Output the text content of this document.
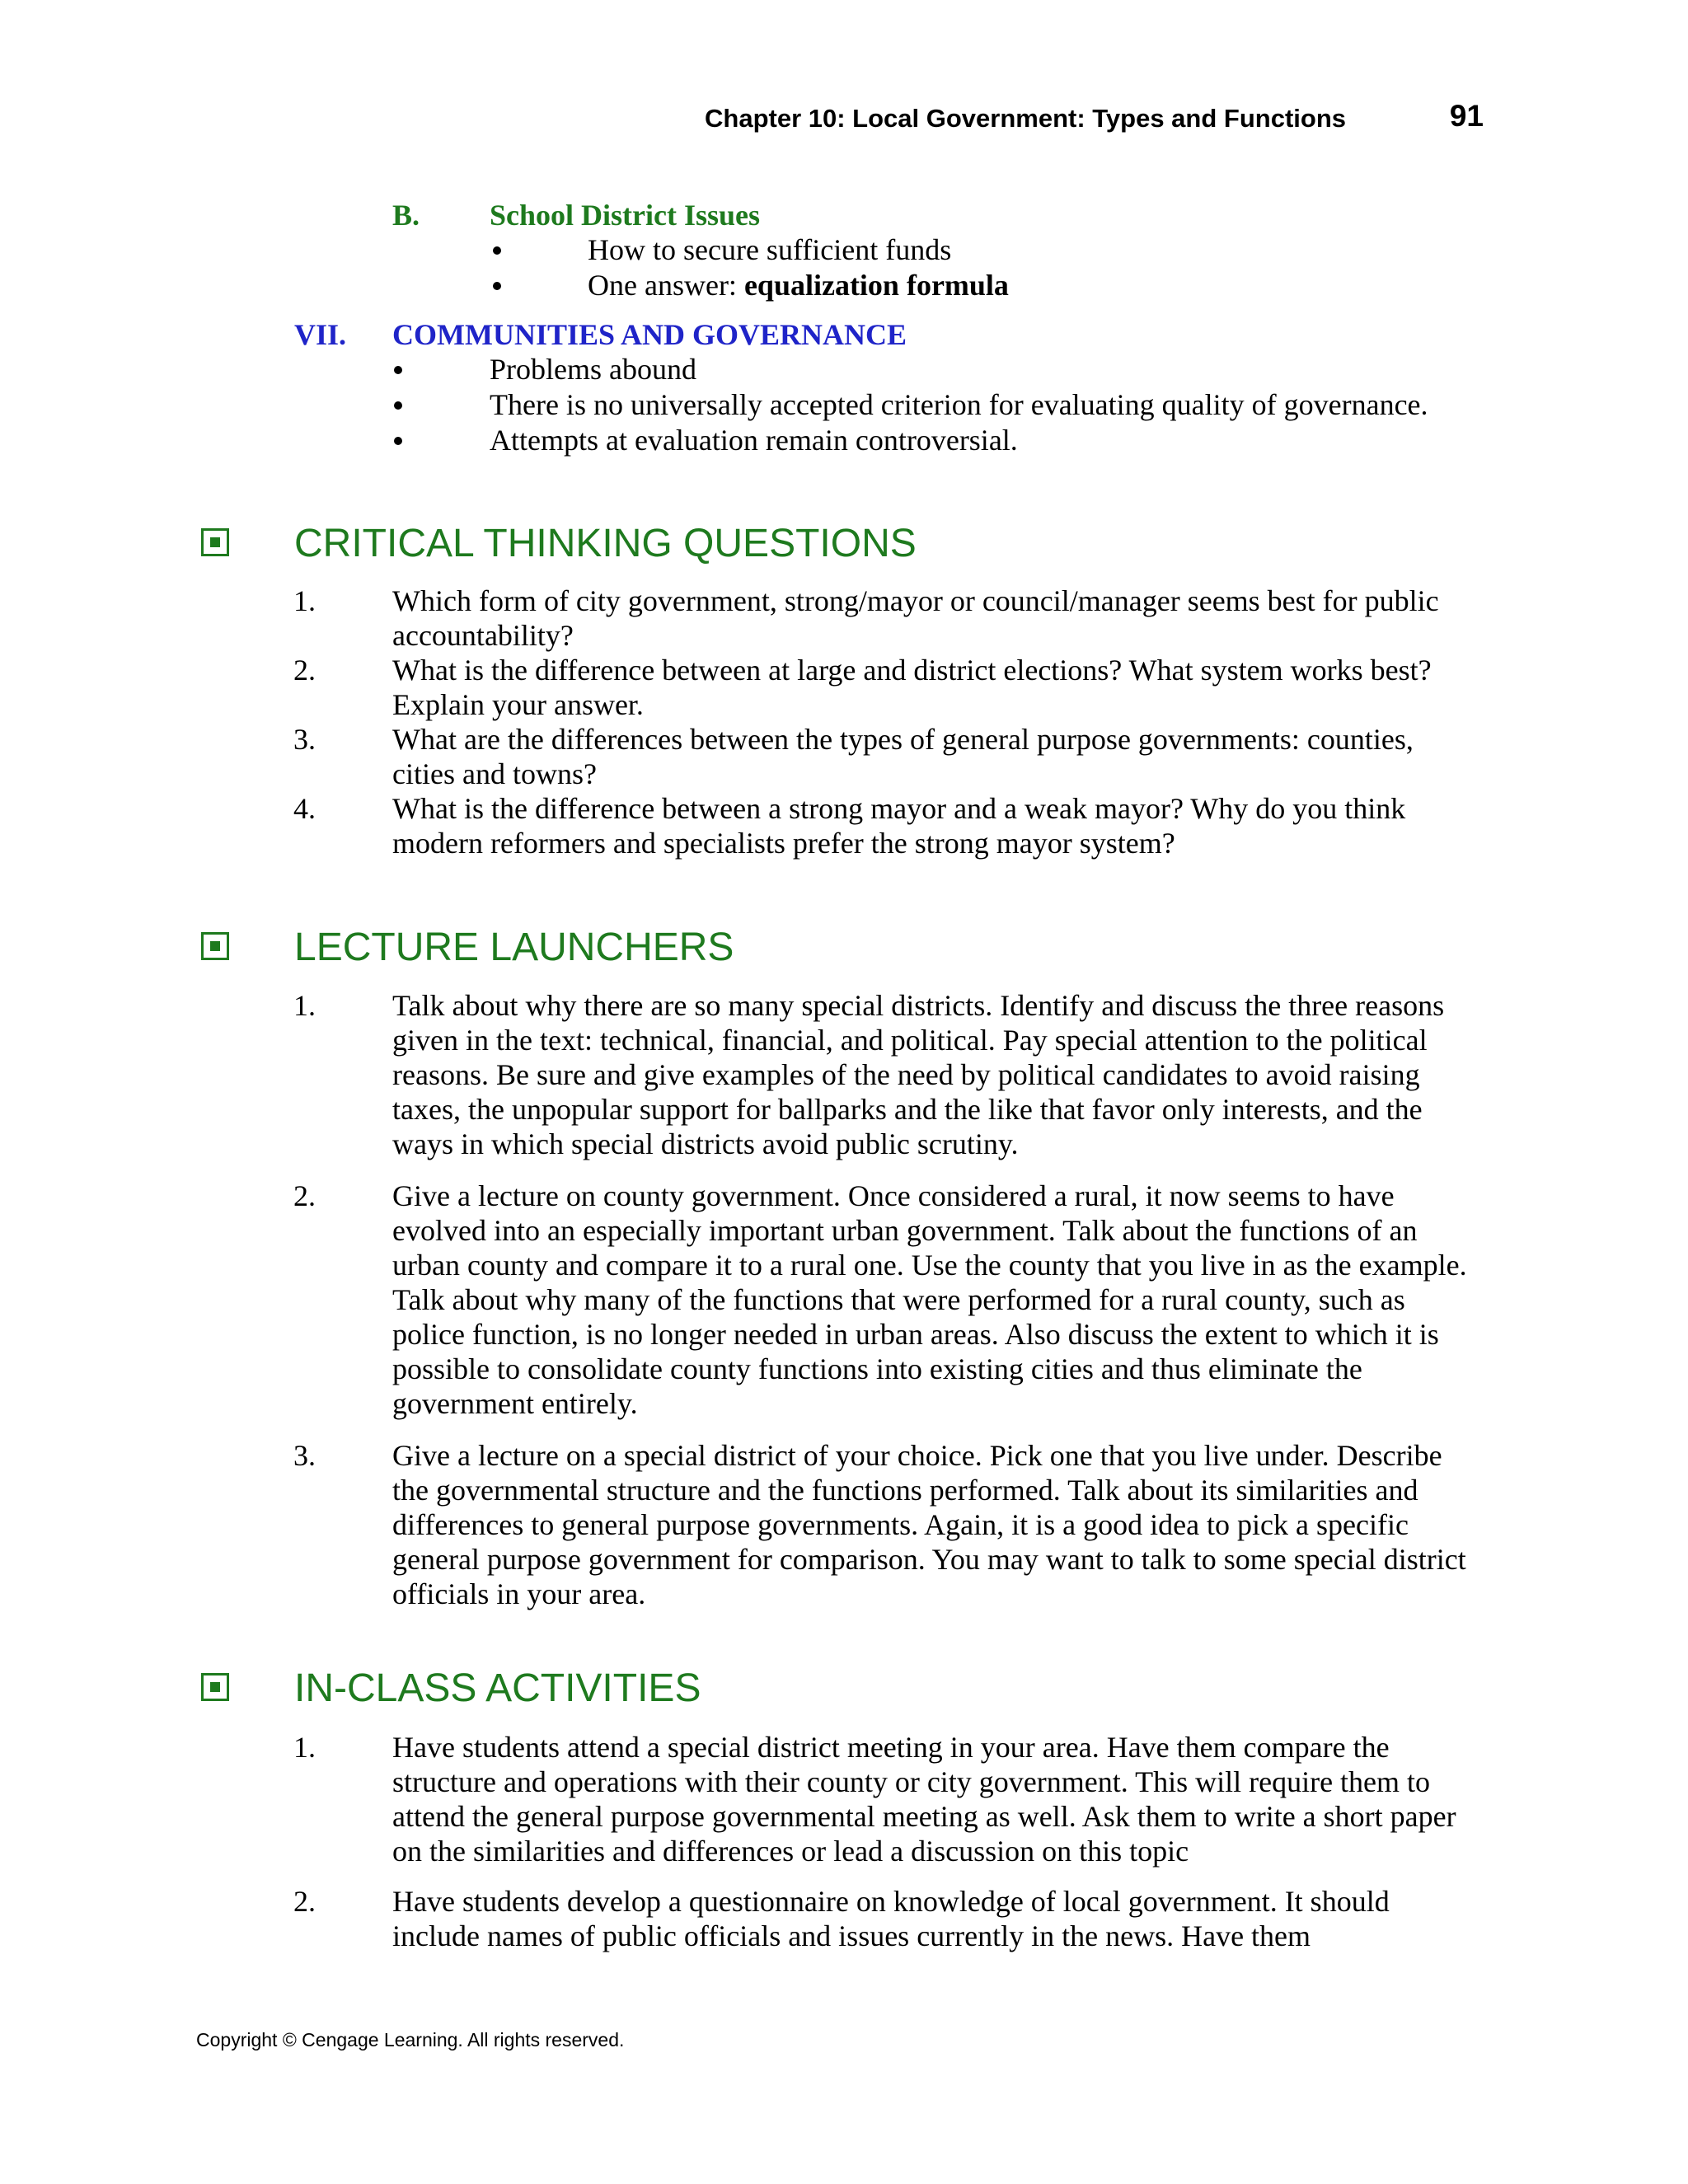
Chapter 10: Local Government: Types and Functions	91
B. School District Issues
How to secure sufficient funds
One answer: equalization formula
VII. COMMUNITIES AND GOVERNANCE
Problems abound
There is no universally accepted criterion for evaluating quality of governance.
Attempts at evaluation remain controversial.
CRITICAL THINKING QUESTIONS
1.	Which form of city government, strong/mayor or council/manager seems best for public accountability?
2.	What is the difference between at large and district elections? What system works best? Explain your answer.
3.	What are the differences between the types of general purpose governments: counties, cities and towns?
4.	What is the difference between a strong mayor and a weak mayor? Why do you think modern reformers and specialists prefer the strong mayor system?
LECTURE LAUNCHERS
1.	Talk about why there are so many special districts. Identify and discuss the three reasons given in the text: technical, financial, and political. Pay special attention to the political reasons. Be sure and give examples of the need by political candidates to avoid raising taxes, the unpopular support for ballparks and the like that favor only interests, and the ways in which special districts avoid public scrutiny.
2.	Give a lecture on county government. Once considered a rural, it now seems to have evolved into an especially important urban government. Talk about the functions of an urban county and compare it to a rural one. Use the county that you live in as the example. Talk about why many of the functions that were performed for a rural county, such as police function, is no longer needed in urban areas. Also discuss the extent to which it is possible to consolidate county functions into existing cities and thus eliminate the government entirely.
3.	Give a lecture on a special district of your choice. Pick one that you live under. Describe the governmental structure and the functions performed. Talk about its similarities and differences to general purpose governments. Again, it is a good idea to pick a specific general purpose government for comparison. You may want to talk to some special district officials in your area.
IN-CLASS ACTIVITIES
1.	Have students attend a special district meeting in your area. Have them compare the structure and operations with their county or city government. This will require them to attend the general purpose governmental meeting as well. Ask them to write a short paper on the similarities and differences or lead a discussion on this topic
2.	Have students develop a questionnaire on knowledge of local government. It should include names of public officials and issues currently in the news. Have them
Copyright © Cengage Learning. All rights reserved.
